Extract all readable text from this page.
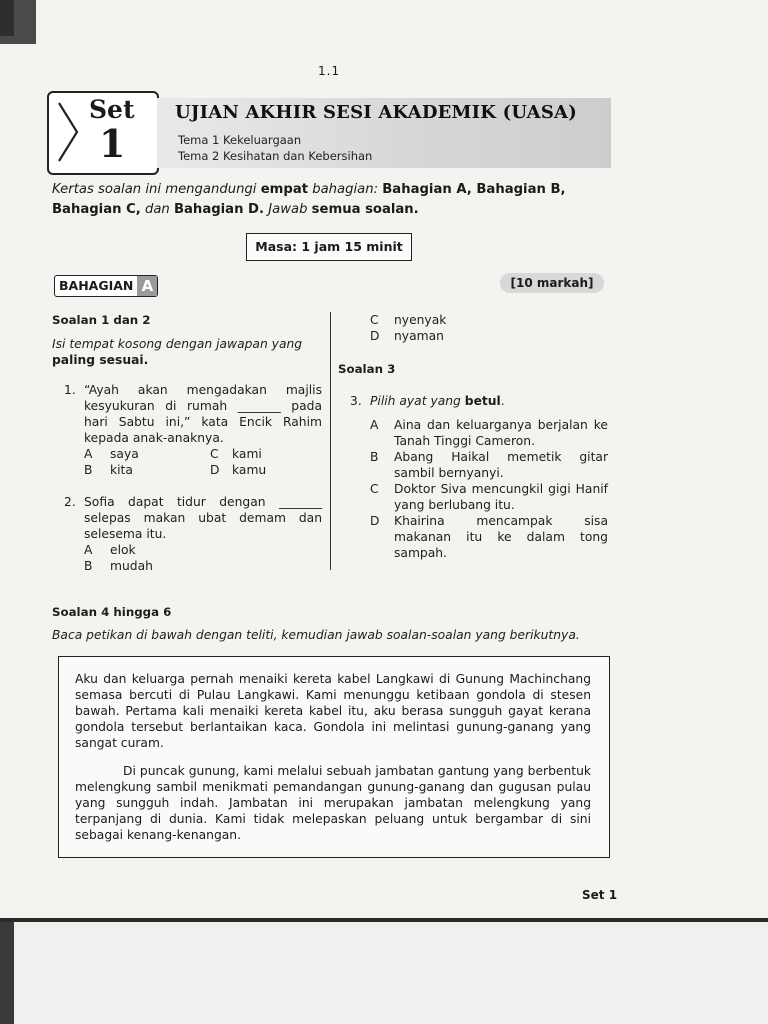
1.1
Set
1
UJIAN AKHIR SESI AKADEMIK (UASA)
Tema 1 Kekeluargaan
Tema 2 Kesihatan dan Kebersihan
Kertas soalan ini mengandungi empat bahagian: Bahagian A, Bahagian B,
Bahagian C, dan Bahagian D. Jawab semua soalan.
Masa: 1 jam 15 minit
BAHAGIAN A	[10 markah]
Soalan 1 dan 2
Isi tempat kosong dengan jawapan yang
paling sesuai.
1. “Ayah akan mengadakan majlis
kesyukuran di rumah _______ pada
hari Sabtu ini,” kata Encik Rahim
kepada anak-anaknya.
A saya
B kita
C kami
D kamu
2. Sofia dapat tidur dengan _______
selepas makan ubat demam dan
selesema itu.
A elok
B mudah
C nyenyak
D nyaman
Soalan 3
3. Pilih ayat yang betul.
A Aina dan keluarganya berjalan ke
Tanah Tinggi Cameron.
B Abang Haikal memetik gitar
sambil bernyanyi.
C Doktor Siva mencungkil gigi Hanif
yang berlubang itu.
D Khairina mencampak sisa
makanan itu ke dalam tong
sampah.
Soalan 4 hingga 6
Baca petikan di bawah dengan teliti, kemudian jawab soalan-soalan yang berikutnya.

Aku dan keluarga pernah menaiki kereta kabel Langkawi di Gunung Machinchang semasa bercuti di Pulau Langkawi. Kami menunggu ketibaan gondola di stesen bawah. Pertama kali menaiki kereta kabel itu, aku berasa sungguh gayat kerana gondola tersebut berlantaikan kaca. Gondola ini melintasi gunung-ganang yang sangat curam.

Di puncak gunung, kami melalui sebuah jambatan gantung yang berbentuk melengkung sambil menikmati pemandangan gunung-ganang dan gugusan pulau yang sungguh indah. Jambatan ini merupakan jambatan melengkung yang terpanjang di dunia. Kami tidak melepaskan peluang untuk bergambar di sini sebagai kenang-kenangan.

Set 1
